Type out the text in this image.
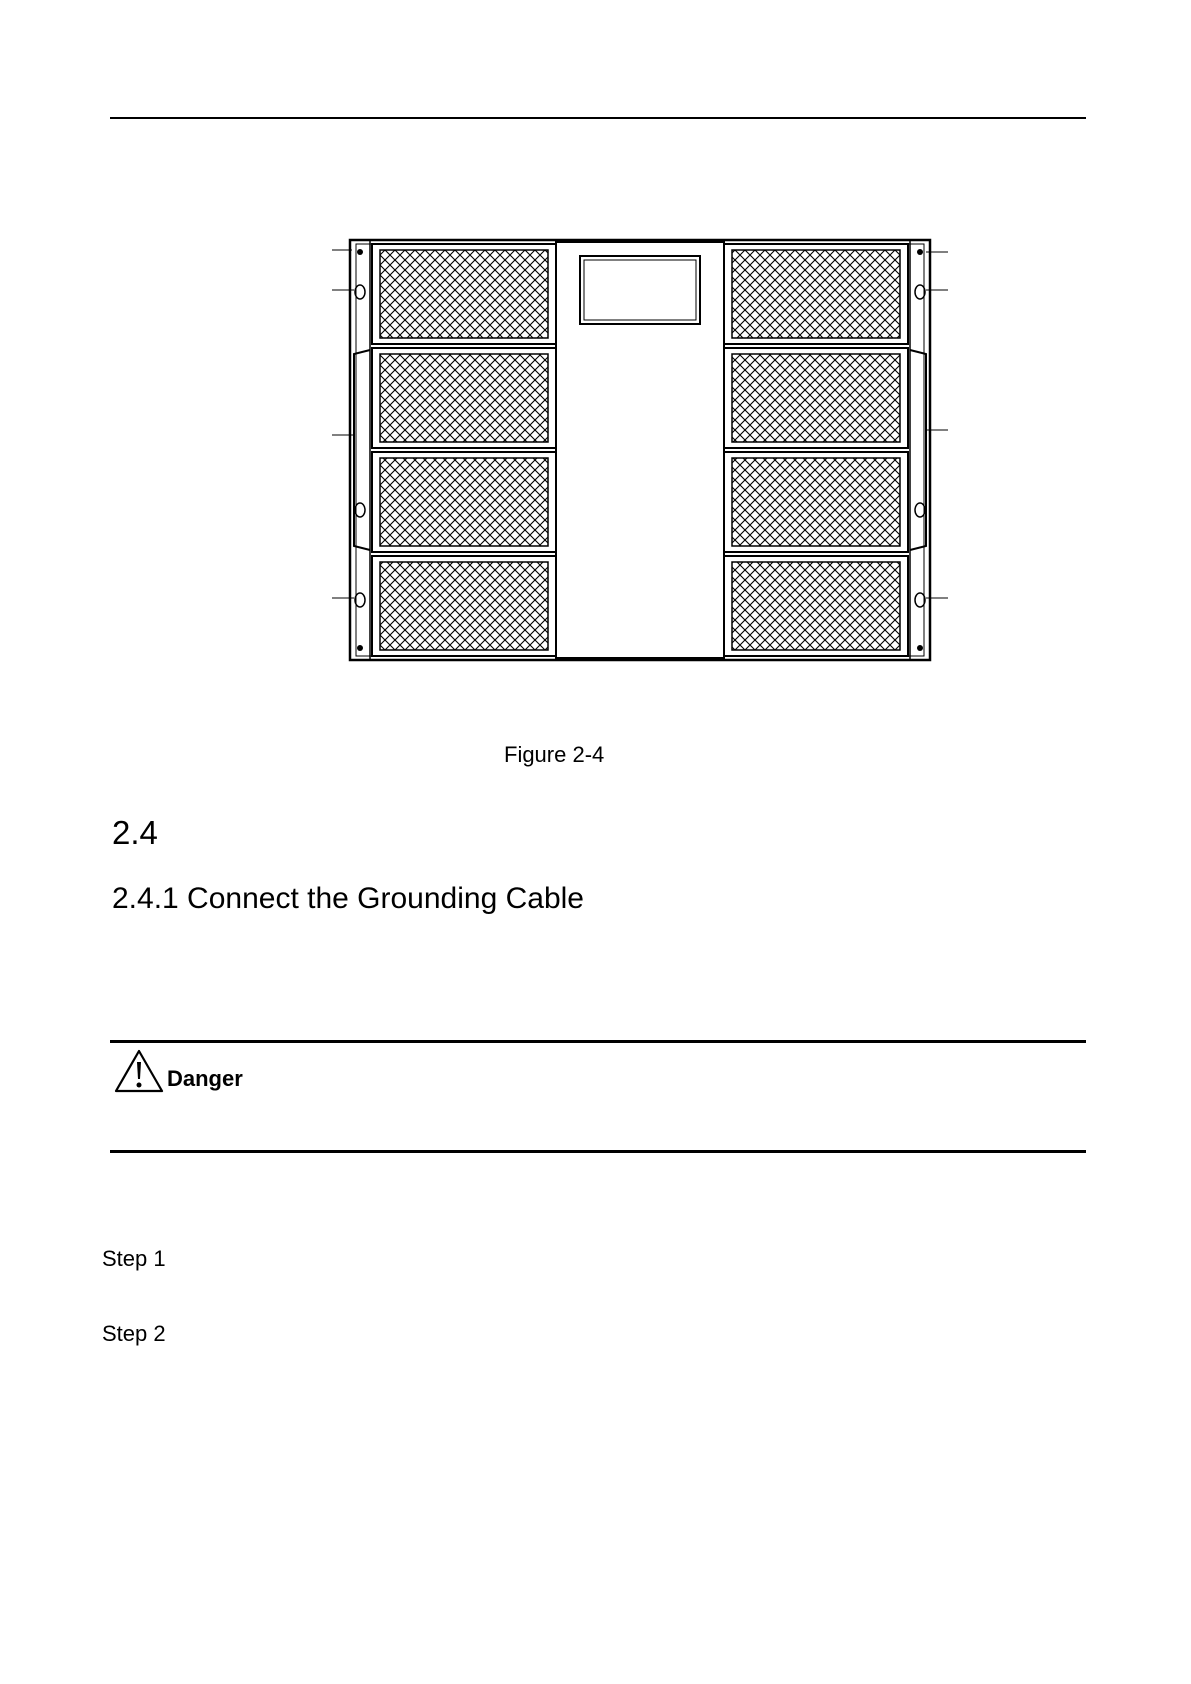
Figure 2-4
2.4
2.4.1 Connect the Grounding Cable
Danger
Step 1
Step 2
